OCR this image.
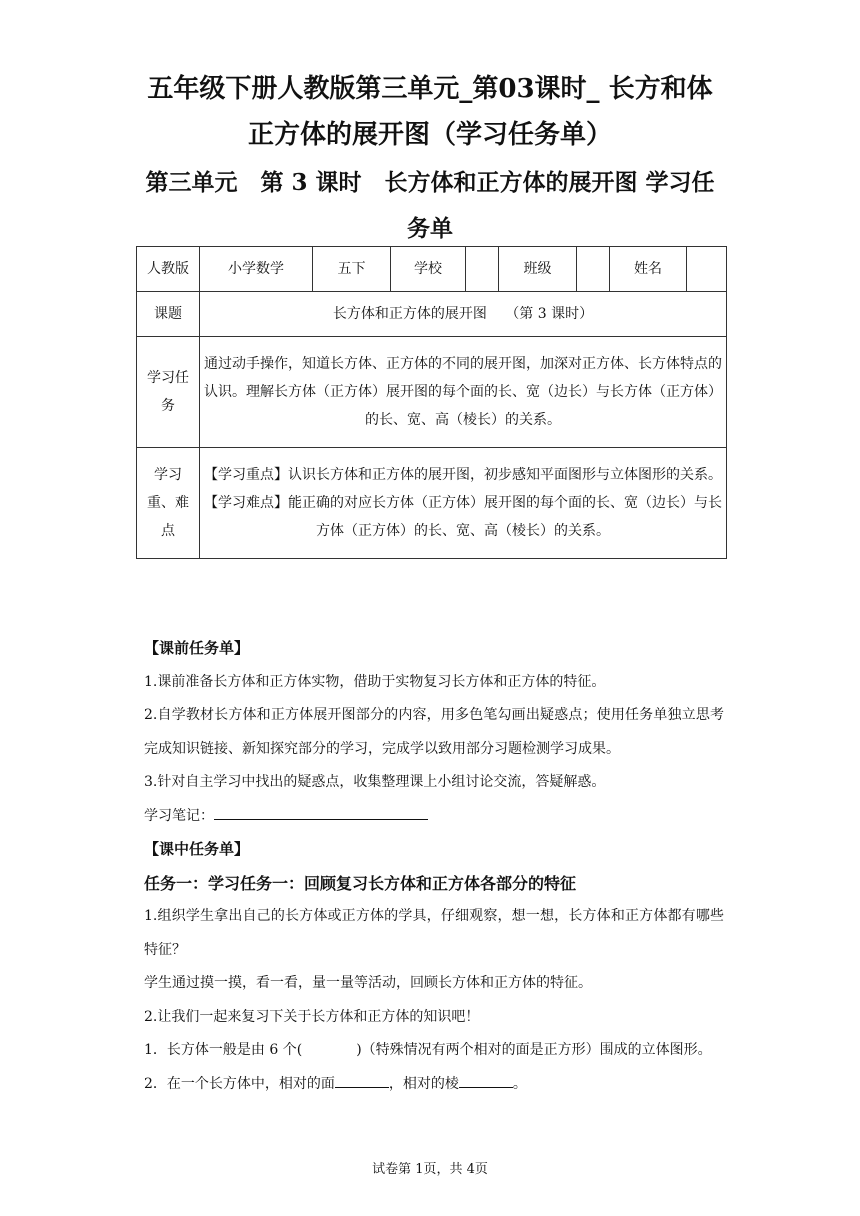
五年级下册人教版第三单元_第03课时_ 长方和体
正方体的展开图（学习任务单）
第三单元　第 3 课时　长方体和正方体的展开图 学习任
务单
人教版	小学数学	五下	学校		班级		姓名	
课题	长方体和正方体的展开图　 （第 3 课时）							
学习任
务	通过动手操作，知道长方体、正方体的不同的展开图，加深对正方体、长方体特点的认识。理解长方体（正方体）展开图的每个面的长、宽（边长）与长方体（正方体）的长、宽、高（棱长）的关系。							
学习
重、难
点	【学习重点】认识长方体和正方体的展开图，初步感知平面图形与立体图形的关系。【学习难点】能正确的对应长方体（正方体）展开图的每个面的长、宽（边长）与长方体（正方体）的长、宽、高（棱长）的关系。							

【课前任务单】

1.课前准备长方体和正方体实物，借助于实物复习长方体和正方体的特征。

2.自学教材长方体和正方体展开图部分的内容，用多色笔勾画出疑惑点；使用任务单独立思考完成知识链接、新知探究部分的学习，完成学以致用部分习题检测学习成果。

3.针对自主学习中找出的疑惑点，收集整理课上小组讨论交流，答疑解惑。

学习笔记：

【课中任务单】

任务一：学习任务一：回顾复习长方体和正方体各部分的特征

1.组织学生拿出自己的长方体或正方体的学具，仔细观察，想一想，长方体和正方体都有哪些特征？

学生通过摸一摸，看一看，量一量等活动，回顾长方体和正方体的特征。

2.让我们一起来复习下关于长方体和正方体的知识吧！

1．长方体一般是由 6 个(	)（特殊情况有两个相对的面是正方形）围成的立体图形。

2．在一个长方体中，相对的面	，相对的棱	。

试卷第 1页，共 4页
